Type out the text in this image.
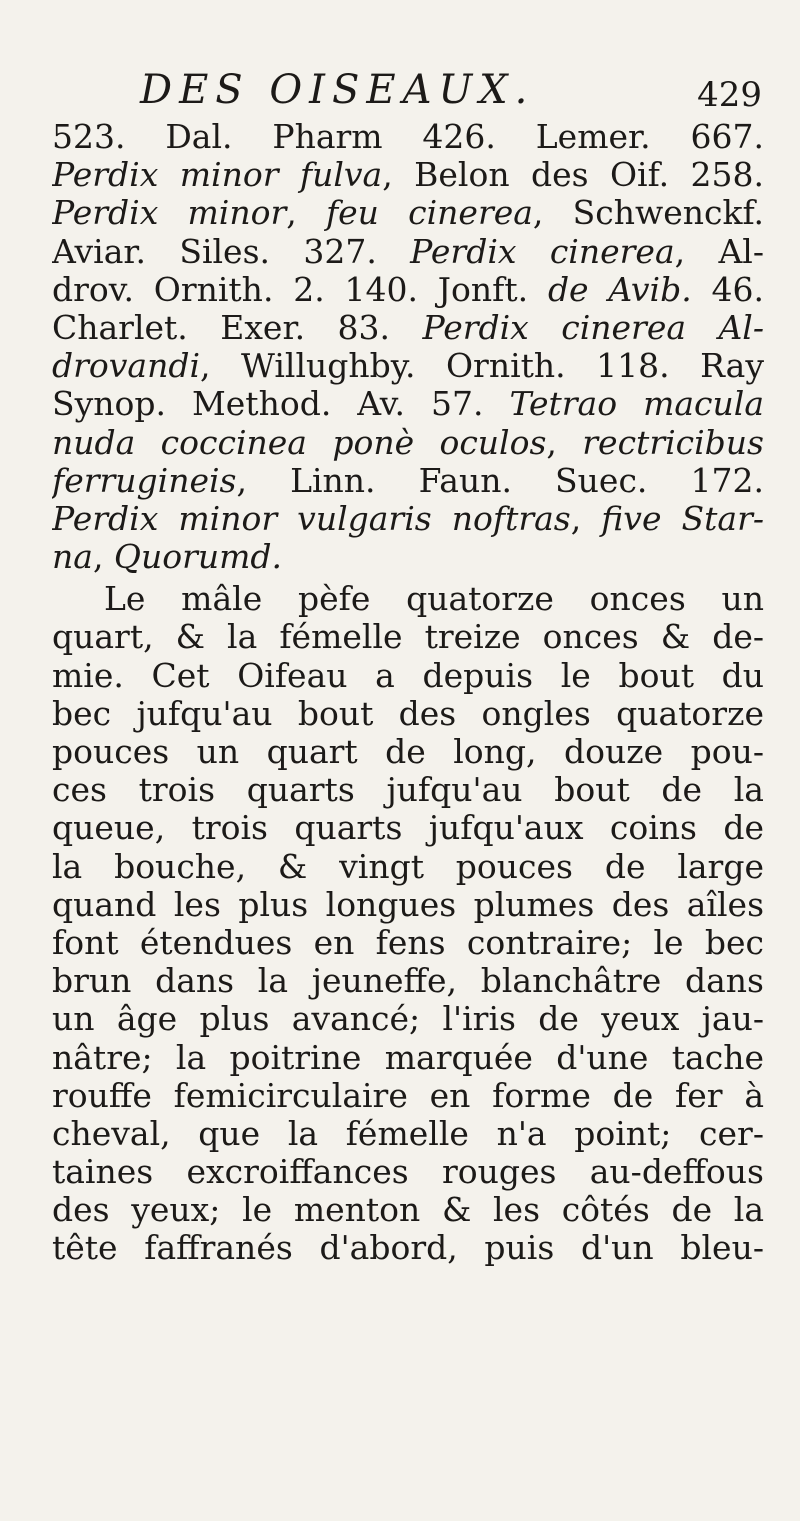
DES OISEAUX.	429
523. Dal. Pharm 426. Lemer. 667.
Perdix minor fulva, Belon des Oif. 258.
Perdix minor, feu cinerea, Schwenckf.
Aviar. Siles. 327. Perdix cinerea, Al-
drov. Ornith. 2. 140. Jonft. de Avib. 46.
Charlet. Exer. 83. Perdix cinerea Al-
drovandi, Willughby. Ornith. 118. Ray
Synop. Method. Av. 57. Tetrao macula
nuda coccinea ponè oculos, rectricibus
ferrugineis, Linn. Faun. Suec. 172.
Perdix minor vulgaris noftras, five Star-
na, Quorumd.
Le mâle pèfe quatorze onces un
quart, & la fémelle treize onces & de-
mie. Cet Oifeau a depuis le bout du
bec jufqu'au bout des ongles quatorze
pouces un quart de long, douze pou-
ces trois quarts jufqu'au bout de la
queue, trois quarts jufqu'aux coins de
la bouche, & vingt pouces de large
quand les plus longues plumes des aîles
font étendues en fens contraire; le bec
brun dans la jeuneffe, blanchâtre dans
un âge plus avancé; l'iris de yeux jau-
nâtre; la poitrine marquée d'une tache
rouffe femicirculaire en forme de fer à
cheval, que la fémelle n'a point; cer-
taines excroiffances rouges au-deffous
des yeux; le menton & les côtés de la
tête faffranés d'abord, puis d'un bleu-
